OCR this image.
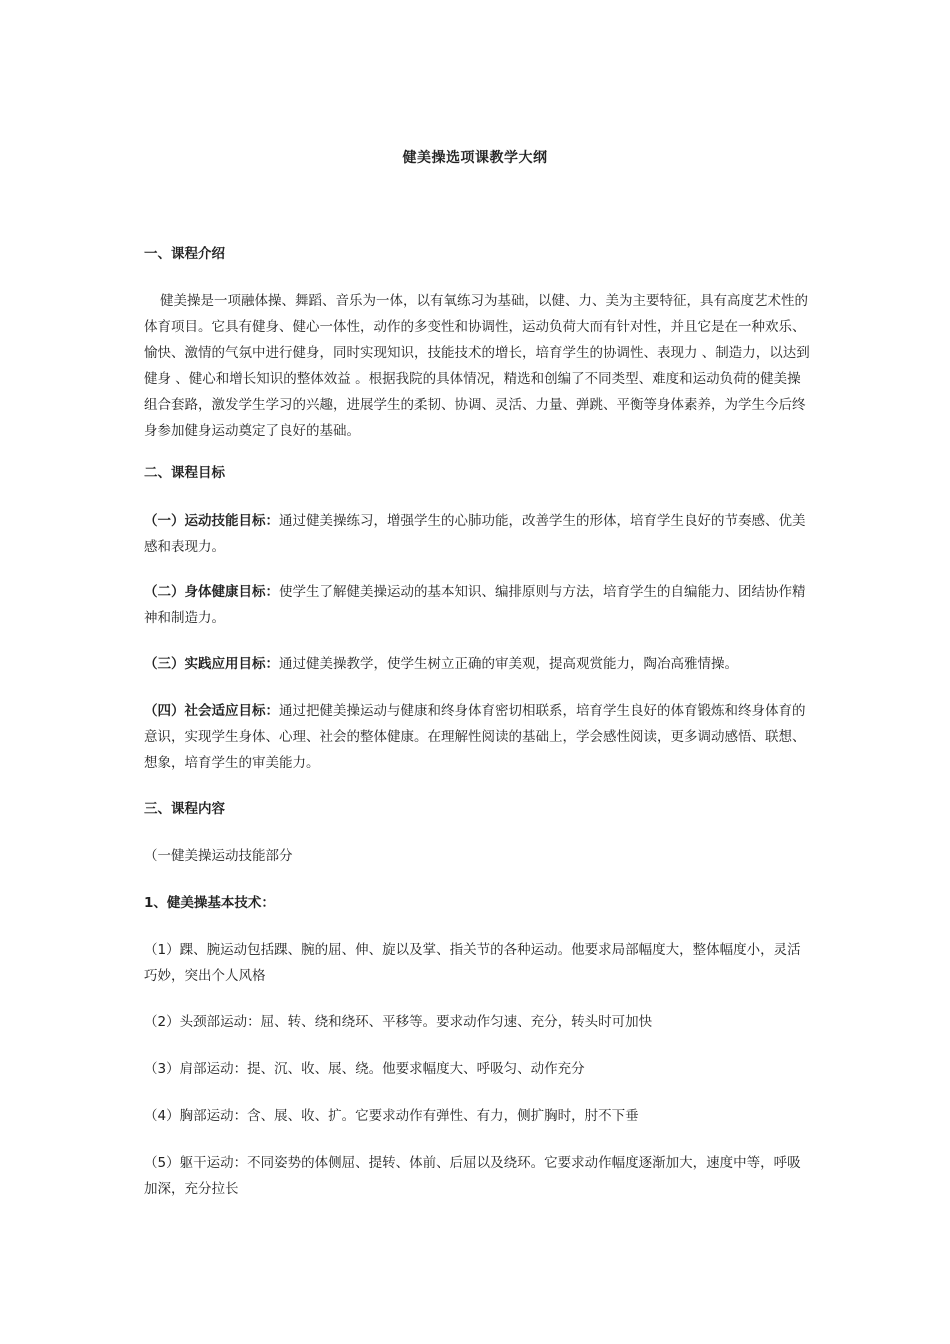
健美操选项课教学大纲
一、课程介绍

健美操是一项融体操、舞蹈、音乐为一体，以有氧练习为基础，以健、力、美为主要特征，具有高度艺术性的体育项目。它具有健身、健心一体性，动作的多变性和协调性，运动负荷大而有针对性，并且它是在一种欢乐、愉快、激情的气氛中进行健身，同时实现知识，技能技术的增长，培育学生的协调性、表现力 、制造力，以达到健身 、健心和增长知识的整体效益 。根据我院的具体情况，精选和创编了不同类型、难度和运动负荷的健美操组合套路，激发学生学习的兴趣，进展学生的柔韧、协调、灵活、力量、弹跳、平衡等身体素养，为学生今后终身参加健身运动奠定了良好的基础。

二、课程目标

（一）运动技能目标：通过健美操练习，增强学生的心肺功能，改善学生的形体，培育学生良好的节奏感、优美感和表现力。

（二）身体健康目标：使学生了解健美操运动的基本知识、编排原则与方法，培育学生的自编能力、团结协作精神和制造力。

（三）实践应用目标：通过健美操教学，使学生树立正确的审美观，提高观赏能力，陶冶高雅情操。

（四）社会适应目标：通过把健美操运动与健康和终身体育密切相联系，培育学生良好的体育锻炼和终身体育的意识，实现学生身体、心理、社会的整体健康。在理解性阅读的基础上，学会感性阅读，更多调动感悟、联想、想象，培育学生的审美能力。

三、课程内容
（一健美操运动技能部分
1、健美操基本技术：

（1）踝、腕运动包括踝、腕的屈、伸、旋以及掌、指关节的各种运动。他要求局部幅度大，整体幅度小，灵活巧妙，突出个人风格

（2）头颈部运动：屈、转、绕和绕环、平移等。要求动作匀速、充分，转头时可加快

（3）肩部运动：提、沉、收、展、绕。他要求幅度大、呼吸匀、动作充分

（4）胸部运动：含、展、收、扩。它要求动作有弹性、有力，侧扩胸时，肘不下垂

（5）躯干运动：不同姿势的体侧屈、提转、体前、后屈以及绕环。它要求动作幅度逐渐加大，速度中等，呼吸加深，充分拉长
